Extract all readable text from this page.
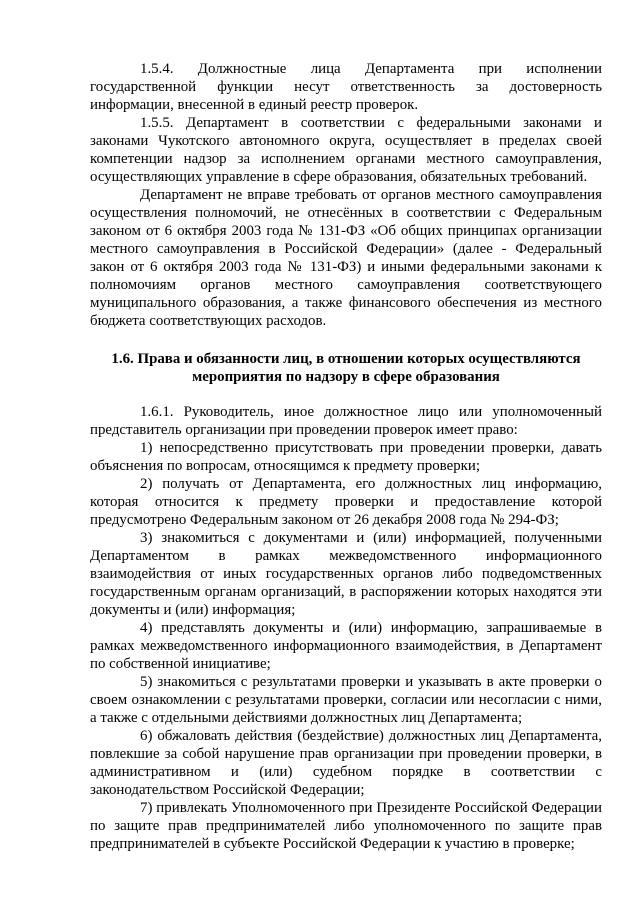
1.5.4. Должностные лица Департамента при исполнении государственной функции несут ответственность за достоверность информации, внесенной в единый реестр проверок.

1.5.5. Департамент в соответствии с федеральными законами и законами Чукотского автономного округа, осуществляет в пределах своей компетенции надзор за исполнением органами местного самоуправления, осуществляющих управление в сфере образования, обязательных требований.

Департамент не вправе требовать от органов местного самоуправления осуществления полномочий, не отнесённых в соответствии с Федеральным законом от 6 октября 2003 года № 131-ФЗ «Об общих принципах организации местного самоуправления в Российской Федерации» (далее - Федеральный закон от 6 октября 2003 года № 131-ФЗ) и иными федеральными законами к полномочиям органов местного самоуправления соответствующего муниципального образования, а также финансового обеспечения из местного бюджета соответствующих расходов.

1.6. Права и обязанности лиц, в отношении которых осуществляются
мероприятия по надзору в сфере образования

1.6.1. Руководитель, иное должностное лицо или уполномоченный представитель организации при проведении проверок имеет право:

1) непосредственно присутствовать при проведении проверки, давать объяснения по вопросам, относящимся к предмету проверки;

2) получать от Департамента, его должностных лиц информацию, которая относится к предмету проверки и предоставление которой предусмотрено Федеральным законом от 26 декабря 2008 года № 294-ФЗ;

3) знакомиться с документами и (или) информацией, полученными Департаментом в рамках межведомственного информационного взаимодействия от иных государственных органов либо подведомственных государственным органам организаций, в распоряжении которых находятся эти документы и (или) информация;

4) представлять документы и (или) информацию, запрашиваемые в рамках межведомственного информационного взаимодействия, в Департамент по собственной инициативе;

5) знакомиться с результатами проверки и указывать в акте проверки о своем ознакомлении с результатами проверки, согласии или несогласии с ними, а также с отдельными действиями должностных лиц Департамента;

6) обжаловать действия (бездействие) должностных лиц Департамента, повлекшие за собой нарушение прав организации при проведении проверки, в административном и (или) судебном порядке в соответствии с законодательством Российской Федерации;

7) привлекать Уполномоченного при Президенте Российской Федерации по защите прав предпринимателей либо уполномоченного по защите прав предпринимателей в субъекте Российской Федерации к участию в проверке;
